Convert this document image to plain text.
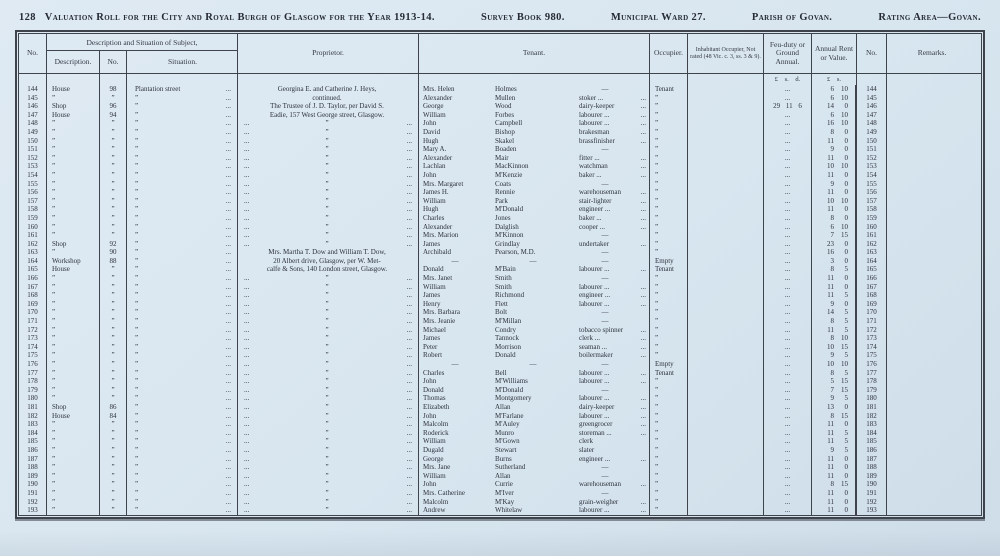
128 Valuation Roll for the City and Royal Burgh of Glasgow for the Year 1913-14.	Survey Book 980.	Municipal Ward 27.	Parish of Govan.	Rating Area—Govan.
No.
Description and Situation of Subject,
Description.	No.	Situation.
Proprietor.	Tenant.	Occupier.	Inhabitant Occupier, Not rated (48 Vic. c. 3, ss. 3 & 9).
Feu-duty or Ground Annual.
Annual Rent or Value.	No.	Remarks.
£ s. d.	£ s.
144	House	98	Plantation street	...	Georgina E. and Catherine J. Heys,	Mrs. Helen	Holmes	—	Tenant	...	6	10	144
145	”	”	”	...	continued.	Alexander	Mullen	stoker ...	...	”	...	6	10	145
146	Shop	96	”	...	The Trustee of J. D. Taylor, per David S.	George	Wood	dairy-keeper	...	”	29 11 6	14	0	146
147	House	94	”	...	Eadie, 157 West George street, Glasgow.	William	Forbes	labourer ...	...	”	...	6	10	147
148	”	”	”	...	...	”	...	John	Campbell	labourer ...	...	”	...	16	10	148
149	”	”	”	...	...	”	...	David	Bishop	brakesman	...	”	...	8	0	149
150	”	”	”	...	...	”	...	Hugh	Skakel	brassfinisher	...	”	...	11	0	150
151	”	”	”	...	...	”	...	Mary A.	Boaden	—	”	...	9	0	151
152	”	”	”	...	...	”	...	Alexander	Mair	fitter ...	...	”	...	11	0	152
153	”	”	”	...	...	”	...	Lachlan	MacKinnon	watchman	...	”	...	10	10	153
154	”	”	”	...	...	”	...	John	M'Kenzie	baker ...	...	”	...	11	0	154
155	”	”	”	...	...	”	...	Mrs. Margaret	Coats	—	”	...	9	0	155
156	”	”	”	...	...	”	...	James H.	Rennie	warehouseman	...	”	...	11	0	156
157	”	”	”	...	...	”	...	William	Park	stair-lighter	...	”	...	10	10	157
158	”	”	”	...	...	”	...	Hugh	M'Donald	engineer ...	...	”	...	11	0	158
159	”	”	”	...	...	”	...	Charles	Jones	baker ...	...	”	...	8	0	159
160	”	”	”	...	...	”	...	Alexander	Dalglish	cooper ...	...	”	...	6	10	160
161	”	”	”	...	...	”	...	Mrs. Marion	M'Kinnon	—	”	...	7	15	161
162	Shop	92	”	...	...	”	...	James	Grindlay	undertaker	...	”	...	23	0	162
163	”	90	”	...	Mrs. Martha T. Dow and William T. Dow,	Archibald	Pearson, M.D.	—	”	...	16	0	163
164	Workshop	88	”	...	20 Albert drive, Glasgow, per W. Met-	—	—	—	Empty	...	3	0	164
165	House	”	”	...	calfe & Sons, 140 London street, Glasgow.	Donald	M'Bain	labourer ...	...	Tenant	...	8	5	165
166	”	”	”	...	...	”	...	Mrs. Janet	Smith	—	”	...	11	0	166
167	”	”	”	...	...	”	...	William	Smith	labourer ...	...	”	...	11	0	167
168	”	”	”	...	...	”	...	James	Richmond	engineer ...	...	”	...	11	5	168
169	”	”	”	...	...	”	...	Henry	Flett	labourer ...	...	”	...	9	0	169
170	”	”	”	...	...	”	...	Mrs. Barbara	Bolt	—	”	...	14	5	170
171	”	”	”	...	...	”	...	Mrs. Jeanie	M'Millan	—	”	...	8	5	171
172	”	”	”	...	...	”	...	Michael	Condry	tobacco spinner	...	”	...	11	5	172
173	”	”	”	...	...	”	...	James	Tannock	clerk ...	...	”	...	8	10	173
174	”	”	”	...	...	”	...	Peter	Morrison	seaman ...	...	”	...	10	15	174
175	”	”	”	...	...	”	...	Robert	Donald	boilermaker	...	”	...	9	5	175
176	”	”	”	...	...	”	...	—	—	—	Empty	...	10	10	176
177	”	”	”	...	...	”	...	Charles	Bell	labourer ...	...	Tenant	...	8	5	177
178	”	”	”	...	...	”	...	John	M'Williams	labourer ...	...	”	...	5	15	178
179	”	”	”	...	...	”	...	Donald	M'Donald	—	”	...	7	15	179
180	”	”	”	...	...	”	...	Thomas	Montgomery	labourer ...	...	”	...	9	5	180
181	Shop	86	”	...	...	”	...	Elizabeth	Allan	dairy-keeper	...	”	...	13	0	181
182	House	84	”	...	...	”	...	John	M'Farlane	labourer ...	...	”	...	8	15	182
183	”	”	”	...	...	”	...	Malcolm	M'Auley	greengrocer	...	”	...	11	0	183
184	”	”	”	...	...	”	...	Roderick	Munro	storeman ...	...	”	...	11	5	184
185	”	”	”	...	...	”	...	William	M'Gown	clerk	”	...	11	5	185
186	”	”	”	...	...	”	...	Dugald	Stewart	slater	”	...	9	5	186
187	”	”	”	...	...	”	...	George	Burns	engineer ...	...	”	...	11	0	187
188	”	”	”	...	...	”	...	Mrs. Jane	Sutherland	—	”	...	11	0	188
189	”	”	”	...	...	”	...	William	Allan	—	”	...	11	0	189
190	”	”	”	...	...	”	...	John	Currie	warehouseman	...	”	...	8	15	190
191	”	”	”	...	...	”	...	Mrs. Catherine	M'Iver	—	”	...	11	0	191
192	”	”	”	...	...	”	...	Malcolm	M'Kay	grain-weigher	...	”	...	11	0	192
193	”	”	”	...	...	”	...	Andrew	Whitelaw	labourer ...	...	”	...	11	0	193
